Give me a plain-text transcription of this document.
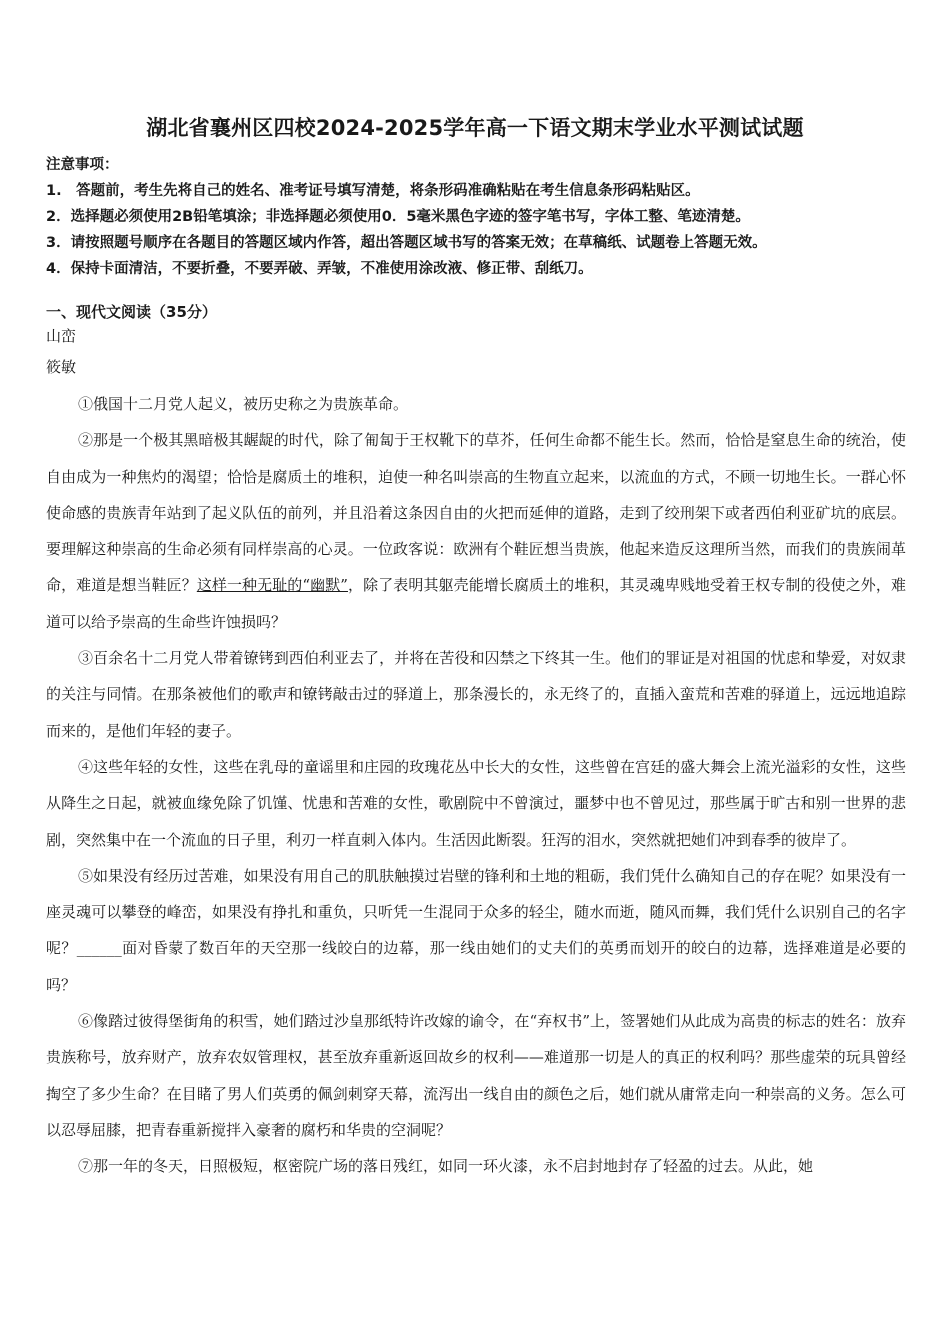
湖北省襄州区四校2024-2025学年高一下语文期末学业水平测试试题
注意事项：
1.　答题前，考生先将自己的姓名、准考证号填写清楚，将条形码准确粘贴在考生信息条形码粘贴区。
2．选择题必须使用2B铅笔填涂；非选择题必须使用0．5毫米黑色字迹的签字笔书写，字体工整、笔迹清楚。
3．请按照题号顺序在各题目的答题区域内作答，超出答题区域书写的答案无效；在草稿纸、试题卷上答题无效。
4．保持卡面清洁，不要折叠，不要弄破、弄皱，不准使用涂改液、修正带、刮纸刀。
一、现代文阅读（35分）
山峦
筱敏

①俄国十二月党人起义，被历史称之为贵族革命。

②那是一个极其黑暗极其龌龊的时代，除了匍匐于王权靴下的草芥，任何生命都不能生长。然而，恰恰是窒息生命的统治，使自由成为一种焦灼的渴望；恰恰是腐质土的堆积，迫使一种名叫崇高的生物直立起来，以流血的方式，不顾一切地生长。一群心怀使命感的贵族青年站到了起义队伍的前列，并且沿着这条因自由的火把而延伸的道路，走到了绞刑架下或者西伯利亚矿坑的底层。要理解这种崇高的生命必须有同样崇高的心灵。一位政客说：欧洲有个鞋匠想当贵族，他起来造反这理所当然，而我们的贵族闹革命，难道是想当鞋匠？这样一种无耻的“幽默”，除了表明其躯壳能增长腐质土的堆积，其灵魂卑贱地受着王权专制的役使之外，难道可以给予崇高的生命些许蚀损吗？

③百余名十二月党人带着镣铐到西伯利亚去了，并将在苦役和囚禁之下终其一生。他们的罪证是对祖国的忧虑和挚爱，对奴隶的关注与同情。在那条被他们的歌声和镣铐敲击过的驿道上，那条漫长的，永无终了的，直插入蛮荒和苦难的驿道上，远远地追踪而来的，是他们年轻的妻子。

④这些年轻的女性，这些在乳母的童谣里和庄园的玫瑰花丛中长大的女性，这些曾在宫廷的盛大舞会上流光溢彩的女性，这些从降生之日起，就被血缘免除了饥馑、忧患和苦难的女性，歌剧院中不曾演过，噩梦中也不曾见过，那些属于旷古和别一世界的悲剧，突然集中在一个流血的日子里，利刃一样直刺入体内。生活因此断裂。狂泻的泪水，突然就把她们冲到春季的彼岸了。

⑤如果没有经历过苦难，如果没有用自己的肌肤触摸过岩壁的锋利和土地的粗砺，我们凭什么确知自己的存在呢？如果没有一座灵魂可以攀登的峰峦，如果没有挣扎和重负，只听凭一生混同于众多的轻尘，随水而逝，随风而舞，我们凭什么识别自己的名字呢？______面对昏蒙了数百年的天空那一线皎白的边幕，那一线由她们的丈夫们的英勇而划开的皎白的边幕，选择难道是必要的吗？

⑥像踏过彼得堡街角的积雪，她们踏过沙皇那纸特许改嫁的谕令，在“弃权书”上，签署她们从此成为高贵的标志的姓名：放弃贵族称号，放弃财产，放弃农奴管理权，甚至放弃重新返回故乡的权利——难道那一切是人的真正的权利吗？那些虚荣的玩具曾经掏空了多少生命？在目睹了男人们英勇的佩剑刺穿天幕，流泻出一线自由的颜色之后，她们就从庸常走向一种崇高的义务。怎么可以忍辱屈膝，把青春重新搅拌入豪奢的腐朽和华贵的空洞呢？

⑦那一年的冬天，日照极短，枢密院广场的落日残红，如同一环火漆，永不启封地封存了轻盈的过去。从此，她
